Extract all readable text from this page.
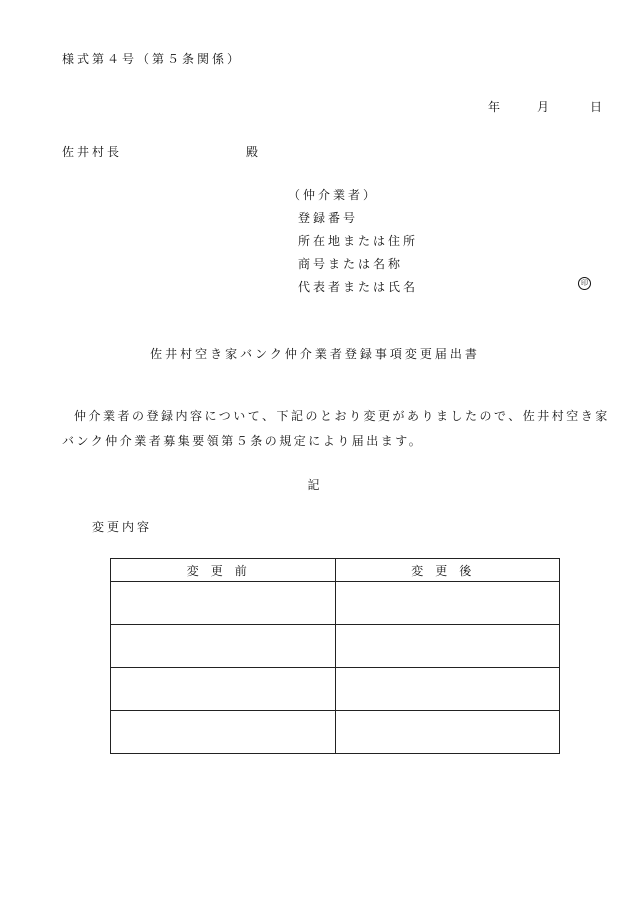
様式第４号（第５条関係）
年	月	日
佐井村長	殿
（仲介業者）
登録番号
所在地または住所
商号または名称
代表者または氏名	印
佐井村空き家バンク仲介業者登録事項変更届出書
仲介業者の登録内容について、下記のとおり変更がありましたので、佐井村空き家バンク仲介業者募集要領第５条の規定により届出ます。
記
変更内容
変更前	変更後
